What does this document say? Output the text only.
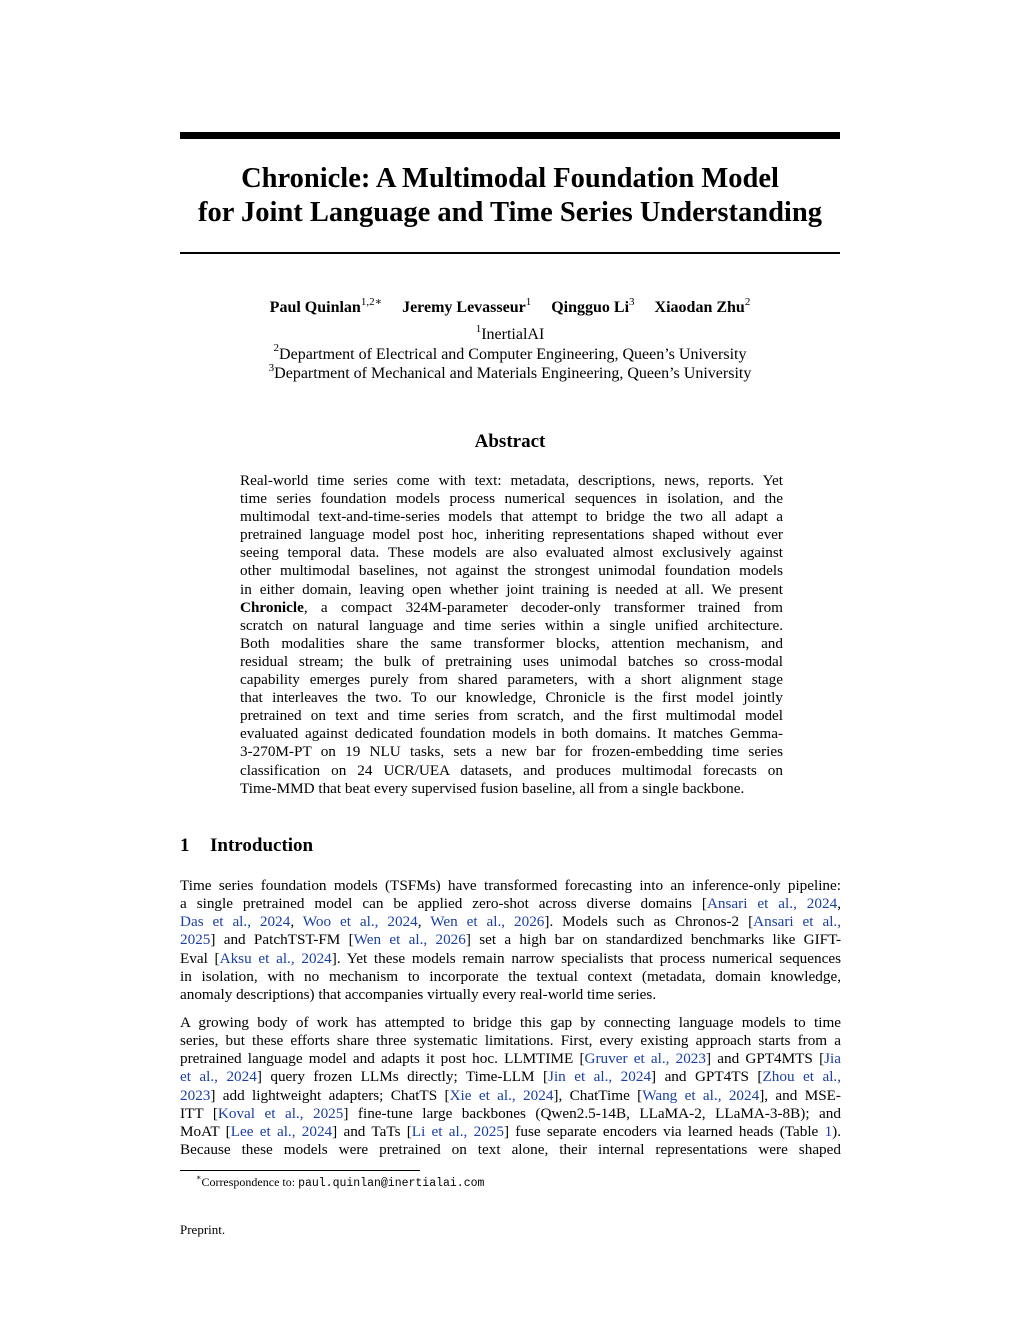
Chronicle: A Multimodal Foundation Model
for Joint Language and Time Series Understanding
Paul Quinlan$^{1,2∗}$ Jeremy Levasseur$^1$ Qingguo Li$^3$ Xiaodan Zhu$^2$
$^1$InertialAI
$^2$Department of Electrical and Computer Engineering, Queen’s University
$^3$Department of Mechanical and Materials Engineering, Queen’s University
Abstract
Real-world time series come with text: metadata, descriptions, news, reports. Yet
time series foundation models process numerical sequences in isolation, and the
multimodal text-and-time-series models that attempt to bridge the two all adapt a
pretrained language model post hoc, inheriting representations shaped without ever
seeing temporal data. These models are also evaluated almost exclusively against
other multimodal baselines, not against the strongest unimodal foundation models
in either domain, leaving open whether joint training is needed at all. We present
Chronicle, a compact 324M-parameter decoder-only transformer trained from
scratch on natural language and time series within a single unified architecture.
Both modalities share the same transformer blocks, attention mechanism, and
residual stream; the bulk of pretraining uses unimodal batches so cross-modal
capability emerges purely from shared parameters, with a short alignment stage
that interleaves the two. To our knowledge, Chronicle is the first model jointly
pretrained on text and time series from scratch, and the first multimodal model
evaluated against dedicated foundation models in both domains. It matches Gemma-
3-270M-PT on 19 NLU tasks, sets a new bar for frozen-embedding time series
classification on 24 UCR/UEA datasets, and produces multimodal forecasts on
Time-MMD that beat every supervised fusion baseline, all from a single backbone.
1 Introduction
Time series foundation models (TSFMs) have transformed forecasting into an inference-only pipeline:
a single pretrained model can be applied zero-shot across diverse domains [Ansari et al., 2024,
Das et al., 2024, Woo et al., 2024, Wen et al., 2026]. Models such as Chronos-2 [Ansari et al.,
2025] and PatchTST-FM [Wen et al., 2026] set a high bar on standardized benchmarks like GIFT-
Eval [Aksu et al., 2024]. Yet these models remain narrow specialists that process numerical sequences
in isolation, with no mechanism to incorporate the textual context (metadata, domain knowledge,
anomaly descriptions) that accompanies virtually every real-world time series.
A growing body of work has attempted to bridge this gap by connecting language models to time
series, but these efforts share three systematic limitations. First, every existing approach starts from a
pretrained language model and adapts it post hoc. LLMTIME [Gruver et al., 2023] and GPT4MTS [Jia
et al., 2024] query frozen LLMs directly; Time-LLM [Jin et al., 2024] and GPT4TS [Zhou et al.,
2023] add lightweight adapters; ChatTS [Xie et al., 2024], ChatTime [Wang et al., 2024], and MSE-
ITT [Koval et al., 2025] fine-tune large backbones (Qwen2.5-14B, LLaMA-2, LLaMA-3-8B); and
MoAT [Lee et al., 2024] and TaTs [Li et al., 2025] fuse separate encoders via learned heads (Table 1).
Because these models were pretrained on text alone, their internal representations were shaped
∗Correspondence to: paul.quinlan@inertialai.com
Preprint.
